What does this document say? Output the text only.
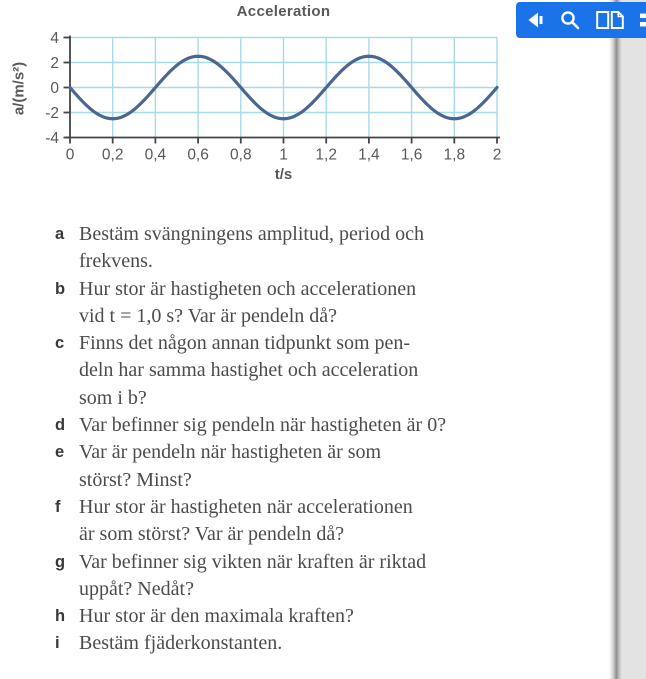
Acceleration
a/(m/s²)
4
2
0
-2
-4
0 0,2 0,4 0,6 0,8 1 1,2 1,4 1,6 1,8 2
t/s
a Bestäm svängningens amplitud, period och
frekvens.
b Hur stor är hastigheten och accelerationen
vid t = 1,0 s? Var är pendeln då?
c Finns det någon annan tidpunkt som pen-
deln har samma hastighet och acceleration
som i b?
d Var befinner sig pendeln när hastigheten är 0?
e Var är pendeln när hastigheten är som
störst? Minst?
f Hur stor är hastigheten när accelerationen
är som störst? Var är pendeln då?
g Var befinner sig vikten när kraften är riktad
uppåt? Nedåt?
h Hur stor är den maximala kraften?
i Bestäm fjäderkonstanten.
